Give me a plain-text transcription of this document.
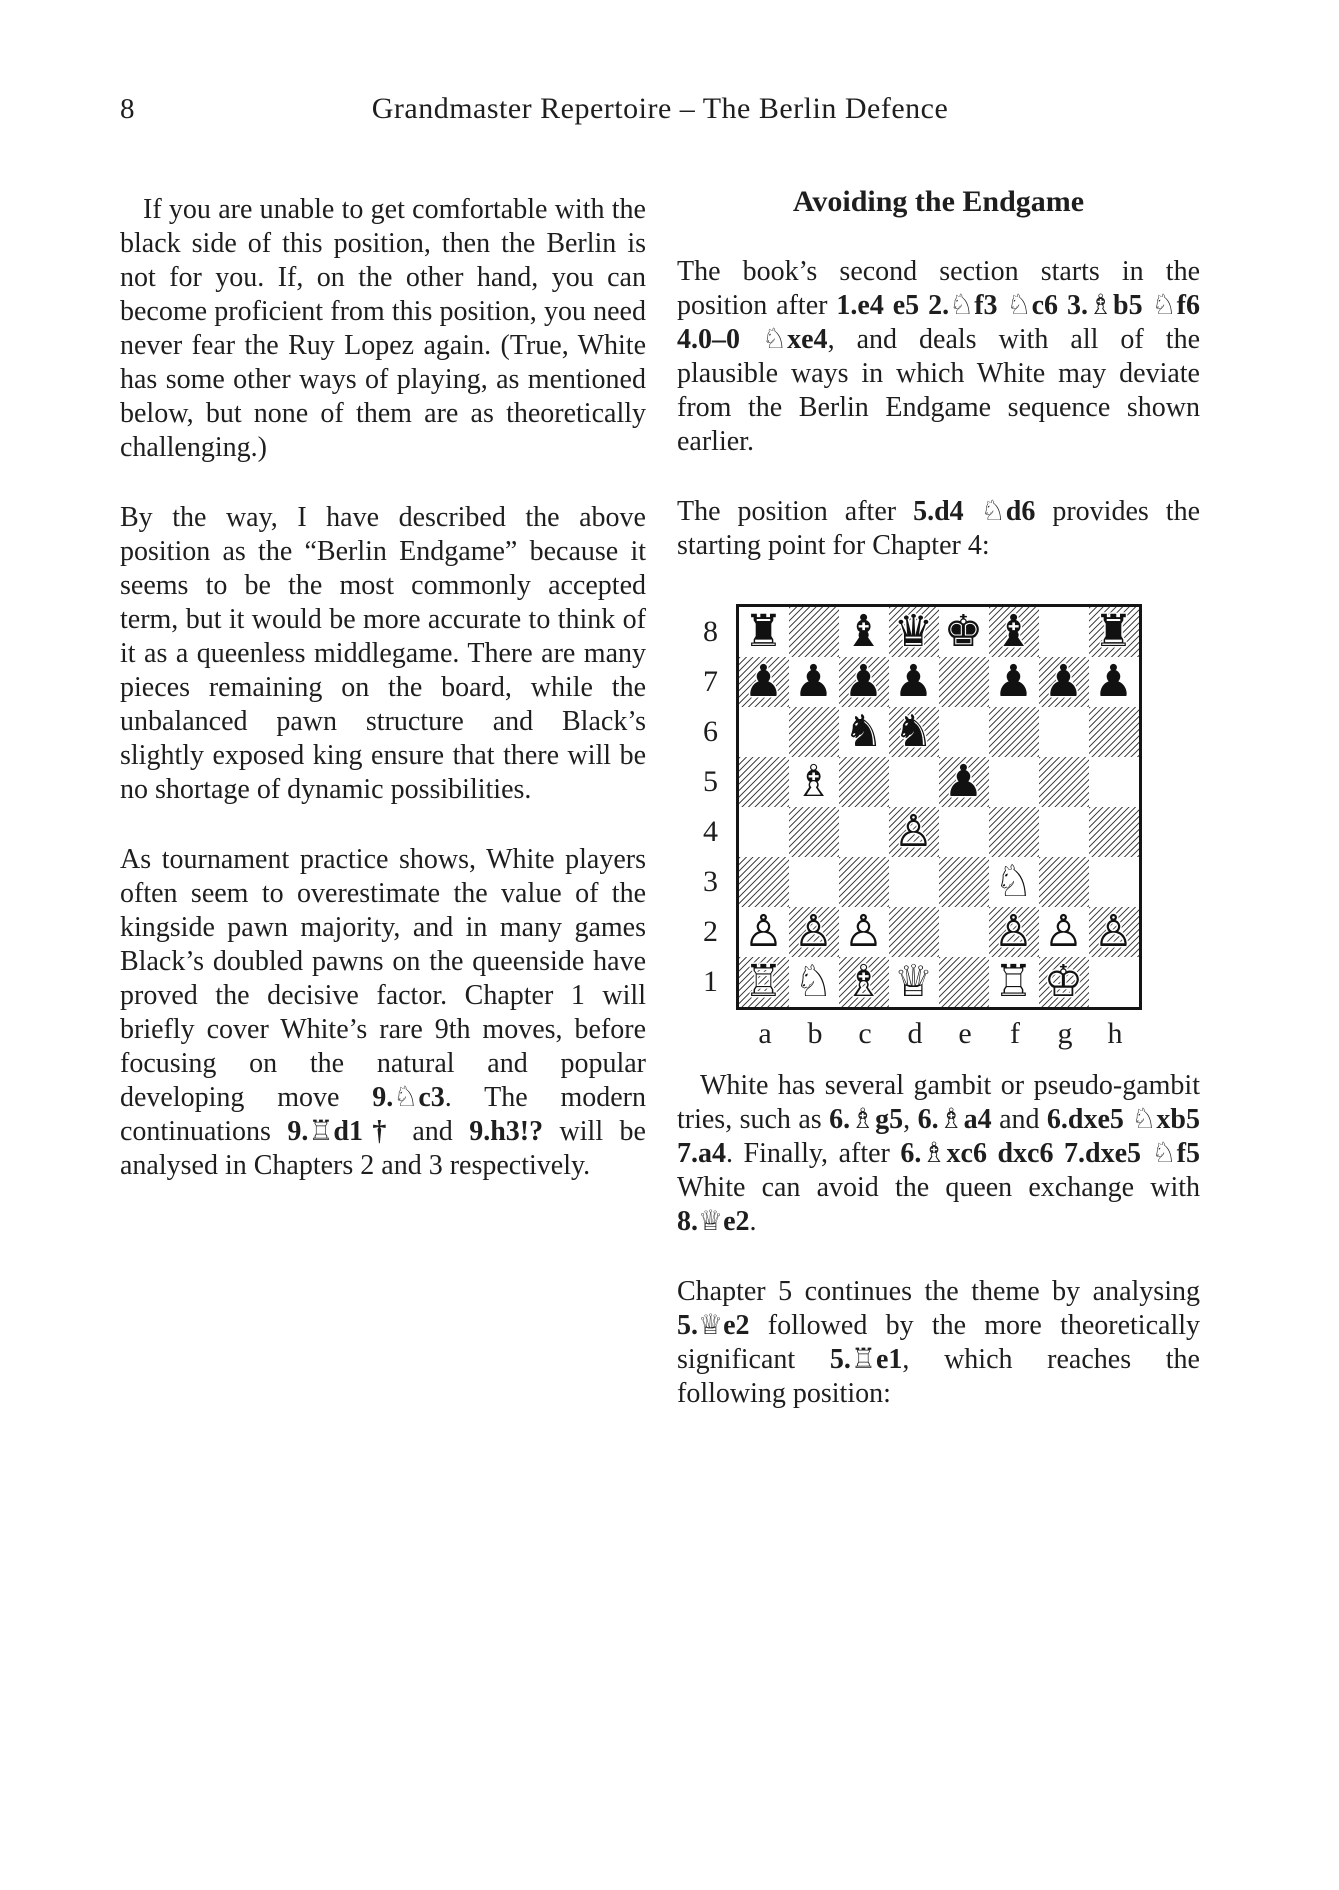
8	Grandmaster Repertoire – The Berlin Defence

If you are unable to get comfortable with the black side of this position, then the Berlin is not for you. If, on the other hand, you can become proficient from this position, you need never fear the Ruy Lopez again. (True, White has some other ways of playing, as mentioned below, but none of them are as theoretically challenging.)

By the way, I have described the above position as the “Berlin Endgame” because it seems to be the most commonly accepted term, but it would be more accurate to think of it as a queenless middlegame. There are many pieces remaining on the board, while the unbalanced pawn structure and Black’s slightly exposed king ensure that there will be no shortage of dynamic possibilities.

As tournament practice shows, White players often seem to overestimate the value of the kingside pawn majority, and in many games Black’s doubled pawns on the queenside have proved the decisive factor. Chapter 1 will briefly cover White’s rare 9th moves, before focusing on the natural and popular developing move 9.♘c3. The modern continuations 9.♖d1† and 9.h3!? will be analysed in Chapters 2 and 3 respectively.

Avoiding the Endgame

The book’s second section starts in the position after 1.e4 e5 2.♘f3 ♘c6 3.♗b5 ♘f6 4.0–0 ♘xe4, and deals with all of the plausible ways in which White may deviate from the Berlin Endgame sequence shown earlier.

The position after 5.d4 ♘d6 provides the starting point for Chapter 4:

8
7
6
5
4
3
2
1
♜ ♝ ♛ ♚ ♝ ♜
♟ ♟ ♟ ♟ ♟ ♟ ♟
♞ ♞
♗	♟
♙
♘
♙ ♙ ♙	♙ ♙ ♙
♖ ♘ ♗ ♕ ♖ ♔
a	b	c	d	e	f	g	h

White has several gambit or pseudo-gambit tries, such as 6.♗g5, 6.♗a4 and 6.dxe5 ♘xb5 7.a4. Finally, after 6.♗xc6 dxc6 7.dxe5 ♘f5 White can avoid the queen exchange with 8.♕e2.

Chapter 5 continues the theme by analysing 5.♕e2 followed by the more theoretically significant 5.♖e1, which reaches the following position:
